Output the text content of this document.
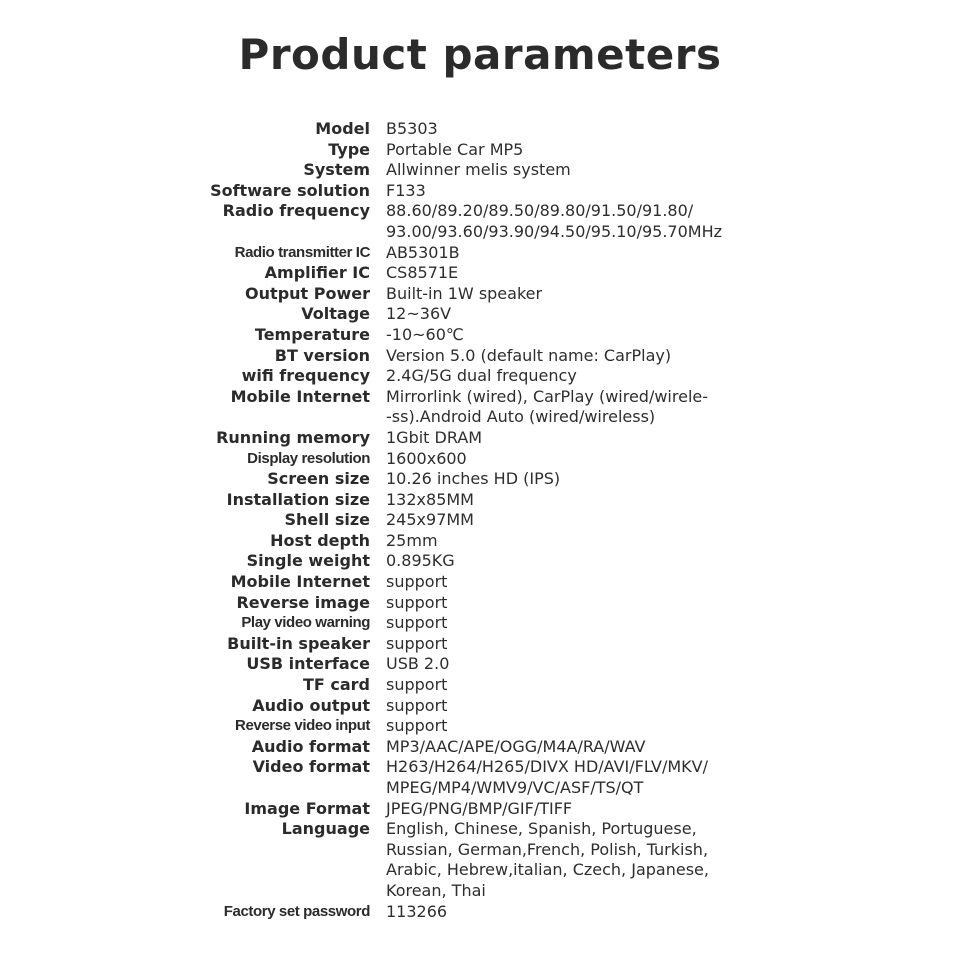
Product parameters
Model B5303
Type Portable Car MP5
System Allwinner melis system
Software solution F133
Radio frequency 88.60/89.20/89.50/89.80/91.50/91.80/
93.00/93.60/93.90/94.50/95.10/95.70MHz
Radio transmitter IC AB5301B
Amplifier IC CS8571E
Output Power Built-in 1W speaker
Voltage 12~36V
Temperature -10~60℃
BT version Version 5.0 (default name: CarPlay)
wifi frequency 2.4G/5G dual frequency
Mobile Internet Mirrorlink (wired), CarPlay (wired/wirele-
-ss).Android Auto (wired/wireless)
Running memory 1Gbit DRAM
Display resolution 1600x600
Screen size 10.26 inches HD (IPS)
Installation size 132x85MM
Shell size 245x97MM
Host depth 25mm
Single weight 0.895KG
Mobile Internet support
Reverse image support
Play video warning support
Built-in speaker support
USB interface USB 2.0
TF card support
Audio output support
Reverse video input support
Audio format MP3/AAC/APE/OGG/M4A/RA/WAV
Video format H263/H264/H265/DIVX HD/AVI/FLV/MKV/
MPEG/MP4/WMV9/VC/ASF/TS/QT
Image Format JPEG/PNG/BMP/GIF/TIFF
Language English, Chinese, Spanish, Portuguese,
Russian, German,French, Polish, Turkish,
Arabic, Hebrew,italian, Czech, Japanese,
Korean, Thai
Factory set password 113266
